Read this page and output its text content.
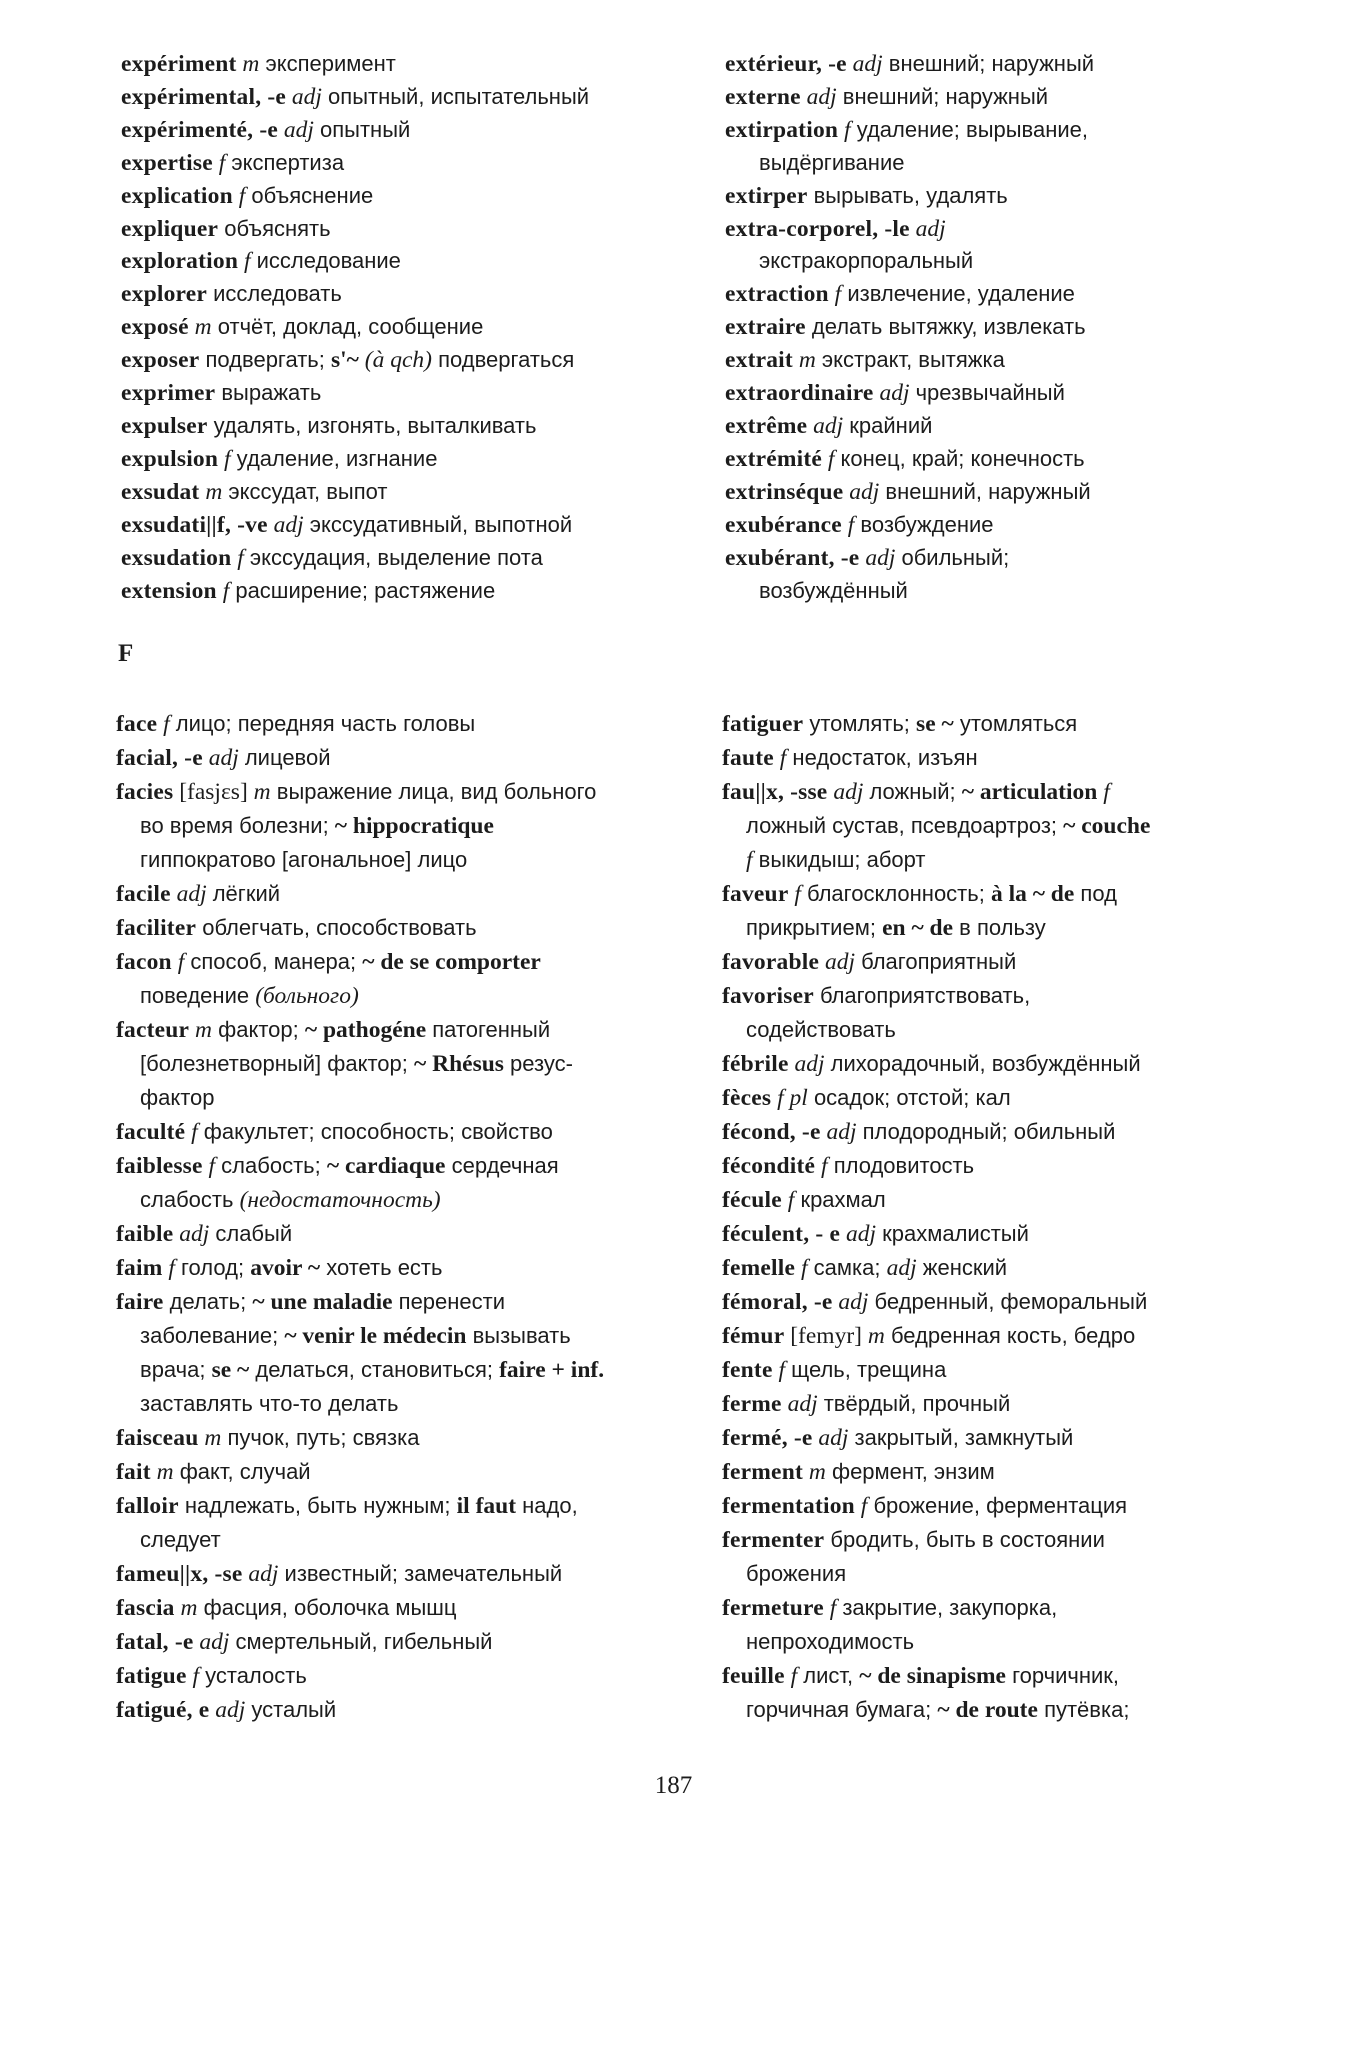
expériment m эксперимент

expérimental, -e adj опытный, испытательный

expérimenté, -e adj опытный

expertise f экспертиза

explication f объяснение

expliquer объяснять

exploration f исследование

explorer исследовать

exposé m отчёт, доклад, сообщение

exposer подвергать; s'~ (à qch) подвергаться

exprimer выражать

expulser удалять, изгонять, выталкивать

expulsion f удаление, изгнание

exsudat m экссудат, выпот

exsudati||f, -ve adj экссудативный, выпотной

exsudation f экссудация, выделение пота

extension f расширение; растяжение

extérieur, -e adj внешний; наружный

externe adj внешний; наружный

extirpation f удаление; вырывание,
выдёргивание

extirper вырывать, удалять

extra-corporel, -le adj
экстракорпоральный

extraction f извлечение, удаление

extraire делать вытяжку, извлекать

extrait m экстракт, вытяжка

extraordinaire adj чрезвычайный

extrême adj крайний

extrémité f конец, край; конечность

extrinséque adj внешний, наружный

exubérance f возбуждение

exubérant, -e adj обильный;
возбуждённый

F

face f лицо; передняя часть головы

facial, -e adj лицевой

facies [fasjɛs] m выражение лица, вид больного
во время болезни; ~ hippocratique
гиппократово [агональное] лицо

facile adj лёгкий

faciliter облегчать, способствовать

facon f способ, манера; ~ de se comporter
поведение (больного)

facteur m фактор; ~ pathogéne патогенный
[болезнетворный] фактор; ~ Rhésus резус-
фактор

faculté f факультет; способность; свойство

faiblesse f слабость; ~ cardiaque сердечная
слабость (недостаточность)

faible adj слабый

faim f голод; avoir ~ хотеть есть

faire делать; ~ une maladie перенести
заболевание; ~ venir le médecin вызывать
врача; se ~ делаться, становиться; faire + inf.
заставлять что-то делать

faisceau m пучок, путь; связка

fait m факт, случай

falloir надлежать, быть нужным; il faut надо,
следует

fameu||x, -se adj известный; замечательный

fascia m фасция, оболочка мышц

fatal, -e adj смертельный, гибельный

fatigue f усталость

fatigué, e adj усталый

fatiguer утомлять; se ~ утомляться

faute f недостаток, изъян

fau||x, -sse adj ложный; ~ articulation f
ложный сустав, псевдоартроз; ~ couche
f выкидыш; аборт

faveur f благосклонность; à la ~ de под
прикрытием; en ~ de в пользу

favorable adj благоприятный

favoriser благоприятствовать,
содействовать

fébrile adj лихорадочный, возбуждённый

fèces f pl осадок; отстой; кал

fécond, -e adj плодородный; обильный

fécondité f плодовитость

fécule f крахмал

féculent, - e adj крахмалистый

femelle f самка; adj женский

fémoral, -e adj бедренный, феморальный

fémur [femyr] m бедренная кость, бедро

fente f щель, трещина

ferme adj твёрдый, прочный

fermé, -e adj закрытый, замкнутый

ferment m фермент, энзим

fermentation f брожение, ферментация

fermenter бродить, быть в состоянии
брожения

fermeture f закрытие, закупорка,
непроходимость

feuille f лист, ~ de sinapisme горчичник,
горчичная бумага; ~ de route путёвка;

187
